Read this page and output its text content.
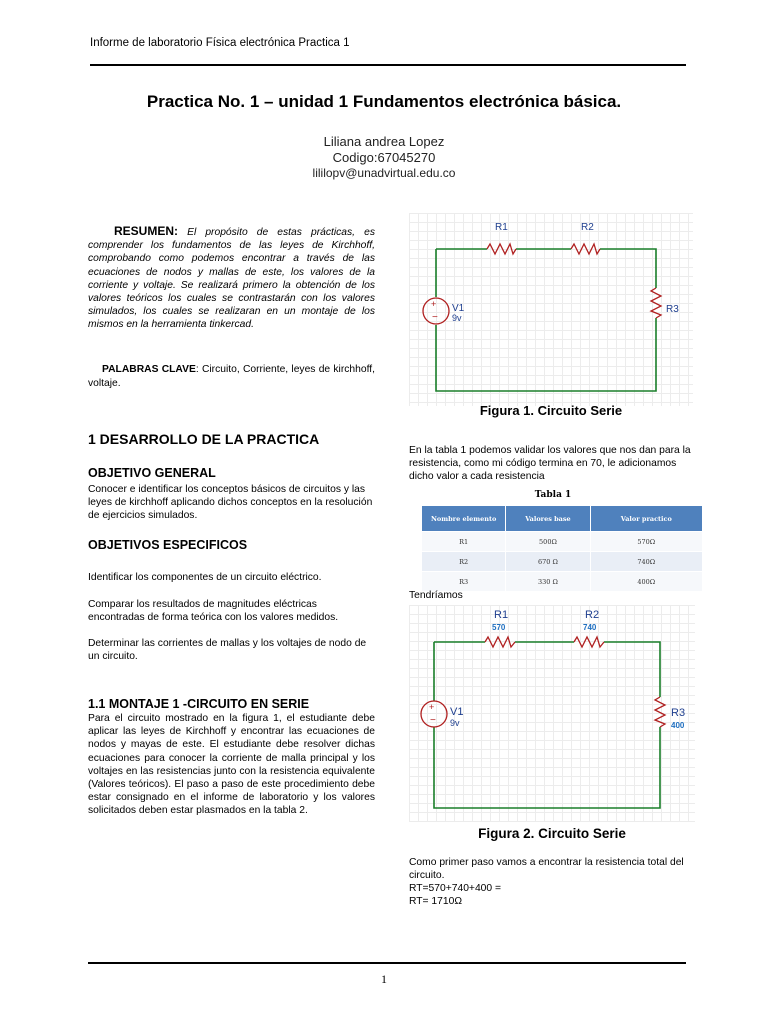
Informe de laboratorio Física electrónica Practica 1
Practica No. 1 – unidad 1 Fundamentos electrónica básica.
Liliana andrea Lopez
Codigo:67045270
lililopv@unadvirtual.edu.co
RESUMEN: El propósito de estas prácticas, es comprender los fundamentos de las leyes de Kirchhoff, comprobando como podemos encontrar a través de las ecuaciones de nodos y mallas de este, los valores de la corriente y voltaje. Se realizará primero la obtención de los valores teóricos los cuales se contrastarán con los valores simulados, los cuales se realizaran en un montaje de los mismos en la herramienta tinkercad.
PALABRAS CLAVE: Circuito, Corriente, leyes de kirchhoff, voltaje.
1 DESARROLLO DE LA PRACTICA
OBJETIVO GENERAL
Conocer e identificar los conceptos básicos de circuitos y las leyes de kirchhoff aplicando dichos conceptos en la resolución de ejercicios simulados.
OBJETIVOS ESPECIFICOS
Identificar los componentes de un circuito eléctrico.
Comparar los resultados de magnitudes eléctricas encontradas de forma teórica con los valores medidos.
Determinar las corrientes de mallas y los voltajes de nodo de un circuito.
1.1 MONTAJE 1 -CIRCUITO EN SERIE
Para el circuito mostrado en la figura 1, el estudiante debe aplicar las leyes de Kirchhoff y encontrar las ecuaciones de nodos y mayas de este. El estudiante debe resolver dichas ecuaciones para conocer la corriente de malla principal y los voltajes en las resistencias junto con la resistencia equivalente (Valores teóricos). El paso a paso de este procedimiento debe estar consignado en el informe de laboratorio y los valores solicitados deben estar plasmados en la tabla 2.
+
−
R1	R2
R3
V1
9v
Figura 1. Circuito Serie
En la tabla 1 podemos validar los valores que nos dan para la resistencia, como mi código termina en 70, le adicionamos dicho valor a cada resistencia
Tabla 1
Nombre elemento	Valores base	Valor practico
R1	500Ω	570Ω
R2	670 Ω	740Ω
R3	330 Ω	400Ω
Tendríamos
+
−
R1
570
R2
740
R3
400
V1
9v
Figura 2. Circuito Serie
Como primer paso vamos a encontrar la resistencia total del circuito.
RT=570+740+400 =
RT= 1710Ω
1
